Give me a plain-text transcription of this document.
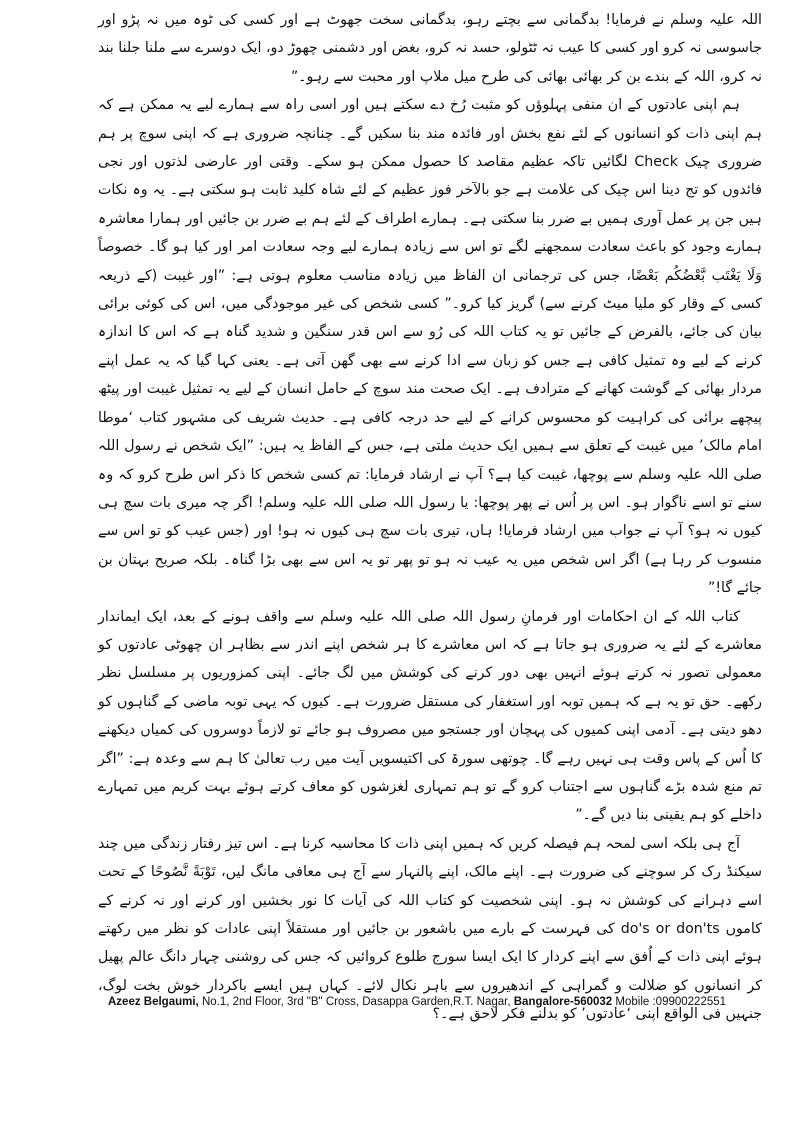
اللہ علیہ وسلم نے فرمایا! بدگمانی سے بچتے رہو، بدگمانی سخت جھوٹ ہے اور کسی کی ٹوہ میں نہ پڑو اور جاسوسی نہ کرو اور کسی کا عیب نہ ٹٹولو، حسد نہ کرو، بغض اور دشمنی چھوڑ دو، ایک دوسرے سے ملنا جلنا بند نہ کرو، اللہ کے بندے بن کر بھائی بھائی کی طرح میل ملاپ اور محبت سے رہو۔”

ہم اپنی عادتوں کے ان منفی پہلوؤں کو مثبت رُخ دے سکتے ہیں اور اسی راہ سے ہمارے لیے یہ ممکن ہے کہ ہم اپنی ذات کو انسانوں کے لئے نفع بخش اور فائدہ مند بنا سکیں گے۔ چنانچہ ضروری ہے کہ اپنی سوچ پر ہم ضروری چیک Check لگائیں تاکہ عظیم مقاصد کا حصول ممکن ہو سکے۔ وقتی اور عارضی لذتوں اور نجی فائدوں کو تج دینا اس چیک کی علامت ہے جو بالآخر فوز عظیم کے لئے شاہ کلید ثابت ہو سکتی ہے۔ یہ وہ نکات ہیں جن پر عمل آوری ہمیں بے ضرر بنا سکتی ہے۔ ہمارے اطراف کے لئے ہم بے ضرر بن جائیں اور ہمارا معاشرہ ہمارے وجود کو باعث سعادت سمجھنے لگے تو اس سے زیادہ ہمارے لیے وجہ سعادت امر اور کیا ہو گا۔ خصوصاً وَلَا يَغْتَب بَّعْضُكُم بَعْضًا، جس کی ترجمانی ان الفاظ میں زیادہ مناسب معلوم ہوتی ہے: ”اور غیبت (کے ذریعہ کسی کے وقار کو ملیا میٹ کرنے سے) گریز کیا کرو۔” کسی شخص کی غیر موجودگی میں، اس کی کوئی برائی بیان کی جائے، بالفرض کے جائیں تو یہ کتاب اللہ کی رُو سے اس قدر سنگین و شدید گناہ ہے کہ اس کا اندازہ کرنے کے لیے وہ تمثیل کافی ہے جس کو زبان سے ادا کرنے سے بھی گھن آتی ہے۔ یعنی کہا گیا کہ یہ عمل اپنے مردار بھائی کے گوشت کھانے کے مترادف ہے۔ ایک صحت مند سوچ کے حامل انسان کے لیے یہ تمثیل غیبت اور پیٹھ پیچھے برائی کی کراہیت کو محسوس کرانے کے لیے حد درجہ کافی ہے۔ حدیث شریف کی مشہور کتاب ‘موطا امام مالک’ میں غیبت کے تعلق سے ہمیں ایک حدیث ملتی ہے، جس کے الفاظ یہ ہیں: ”ایک شخص نے رسول اللہ صلی اللہ علیہ وسلم سے پوچھا، غیبت کیا ہے؟ آپ نے ارشاد فرمایا: تم کسی شخص کا ذکر اس طرح کرو کہ وہ سنے تو اسے ناگوار ہو۔ اس پر اُس نے پھر پوچھا: یا رسول اللہ صلی اللہ علیہ وسلم! اگر چہ میری بات سچ ہی کیوں نہ ہو؟ آپ نے جواب میں ارشاد فرمایا! ہاں، تیری بات سچ ہی کیوں نہ ہو! اور (جس عیب کو تو اس سے منسوب کر رہا ہے) اگر اس شخص میں یہ عیب نہ ہو تو پھر تو یہ اس سے بھی بڑا گناہ۔ بلکہ صریح بہتان بن جائے گا!”

کتاب اللہ کے ان احکامات اور فرمانِ رسول اللہ صلی اللہ علیہ وسلم سے واقف ہونے کے بعد، ایک ایماندار معاشرے کے لئے یہ ضروری ہو جاتا ہے کہ اس معاشرے کا ہر شخص اپنے اندر سے بظاہر ان چھوٹی عادتوں کو معمولی تصور نہ کرتے ہوئے انہیں بھی دور کرنے کی کوشش میں لگ جائے۔ اپنی کمزوریوں پر مسلسل نظر رکھے۔ حق تو یہ ہے کہ ہمیں توبہ اور استغفار کی مستقل ضرورت ہے۔ کیوں کہ یہی توبہ ماضی کے گناہوں کو دھو دیتی ہے۔ آدمی اپنی کمیوں کی پہچان اور جستجو میں مصروف ہو جائے تو لازماً دوسروں کی کمیاں دیکھنے کا اُس کے پاس وقت ہی نہیں رہے گا۔ چوتھی سورۃ کی اکتیسویں آیت میں رب تعالیٰ کا ہم سے وعدہ ہے: ”اگر تم منع شدہ بڑے گناہوں سے اجتناب کرو گے تو ہم تمہاری لغزشوں کو معاف کرتے ہوئے بہت کریم میں تمہارے داخلے کو ہم یقینی بنا دیں گے۔”

آج ہی بلکہ اسی لمحہ ہم فیصلہ کریں کہ ہمیں اپنی ذات کا محاسبہ کرنا ہے۔ اس تیز رفتار زندگی میں چند سیکنڈ رک کر سوچنے کی ضرورت ہے۔ اپنے مالک، اپنے پالنہار سے آج ہی معافی مانگ لیں، تَوْبَةً نَّصُوحًا کے تحت اسے دہرانے کی کوشش نہ ہو۔ اپنی شخصیت کو کتاب اللہ کی آیات کا نور بخشیں اور کرنے اور نہ کرنے کے کاموں do's or don'ts کی فہرست کے بارے میں باشعور بن جائیں اور مستقلاً اپنی عادات کو نظر میں رکھتے ہوئے اپنی ذات کے اُفق سے اپنے کردار کا ایک ایسا سورج طلوع کروائیں کہ جس کی روشنی چہار دانگ عالم پھیل کر انسانوں کو ضلالت و گمراہی کے اندھیروں سے باہر نکال لائے۔ کہاں ہیں ایسے باکردار خوش بخت لوگ، جنہیں فی الواقع اپنی ‘عادتوں’ کو بدلنے فکر لاحق ہے۔؟

Azeez Belgaumi, No.1, 2nd Floor, 3rd "B" Cross, Dasappa Garden,R.T. Nagar, Bangalore-560032 Mobile :09900222551
